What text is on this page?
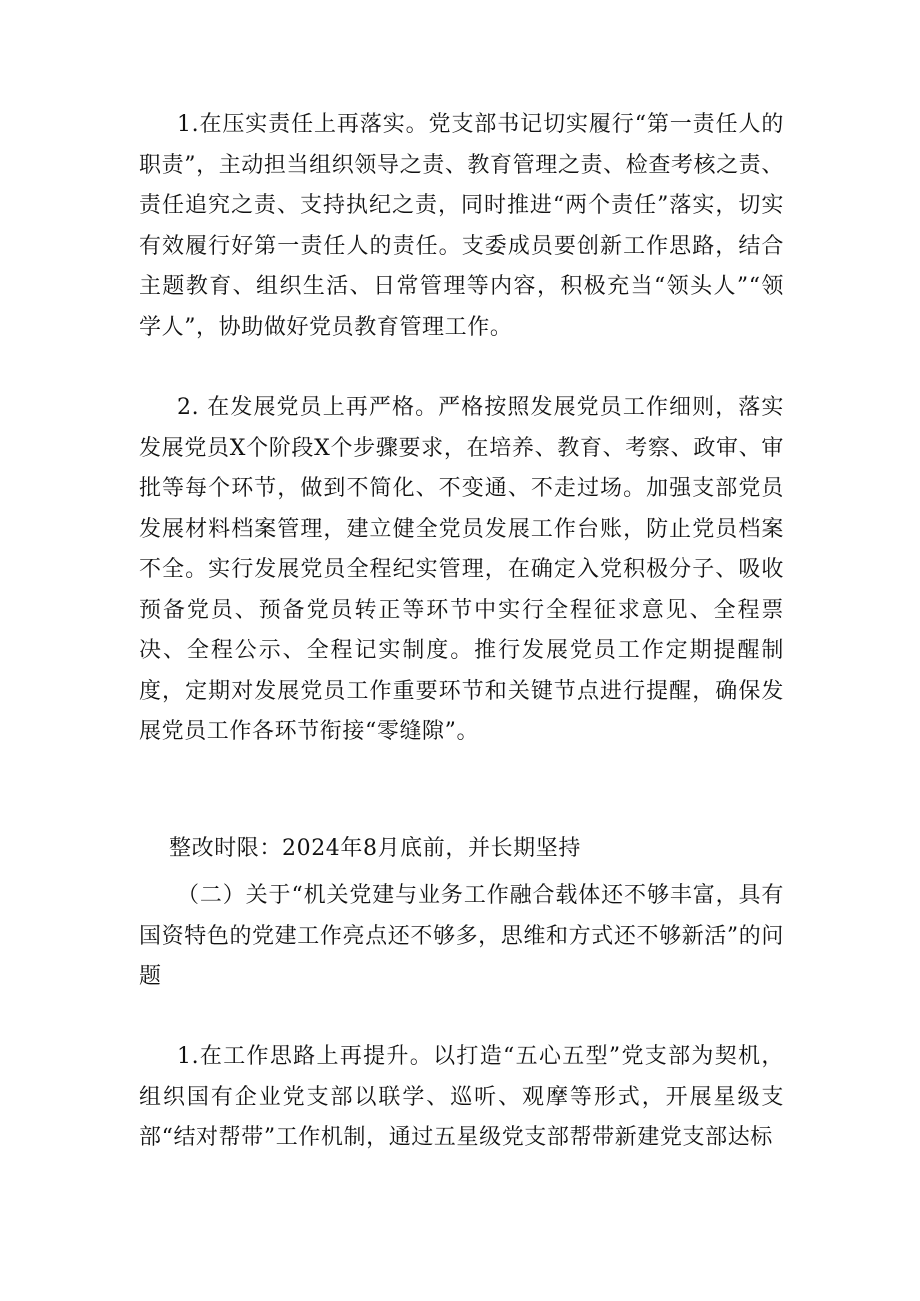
1.在压实责任上再落实。党支部书记切实履行“第一责任人的职责”，主动担当组织领导之责、教育管理之责、检查考核之责、责任追究之责、支持执纪之责，同时推进“两个责任”落实，切实有效履行好第一责任人的责任。支委成员要创新工作思路，结合主题教育、组织生活、日常管理等内容，积极充当“领头人”“领学人”，协助做好党员教育管理工作。

2. 在发展党员上再严格。严格按照发展党员工作细则，落实发展党员X个阶段X个步骤要求，在培养、教育、考察、政审、审批等每个环节，做到不简化、不变通、不走过场。加强支部党员发展材料档案管理，建立健全党员发展工作台账，防止党员档案不全。实行发展党员全程纪实管理，在确定入党积极分子、吸收预备党员、预备党员转正等环节中实行全程征求意见、全程票决、全程公示、全程记实制度。推行发展党员工作定期提醒制度，定期对发展党员工作重要环节和关键节点进行提醒，确保发展党员工作各环节衔接“零缝隙”。

整改时限：2024年8月底前，并长期坚持

（二）关于“机关党建与业务工作融合载体还不够丰富，具有国资特色的党建工作亮点还不够多，思维和方式还不够新活”的问题

1.在工作思路上再提升。以打造“五心五型”党支部为契机，组织国有企业党支部以联学、巡听、观摩等形式，开展星级支部“结对帮带”工作机制，通过五星级党支部帮带新建党支部达标
